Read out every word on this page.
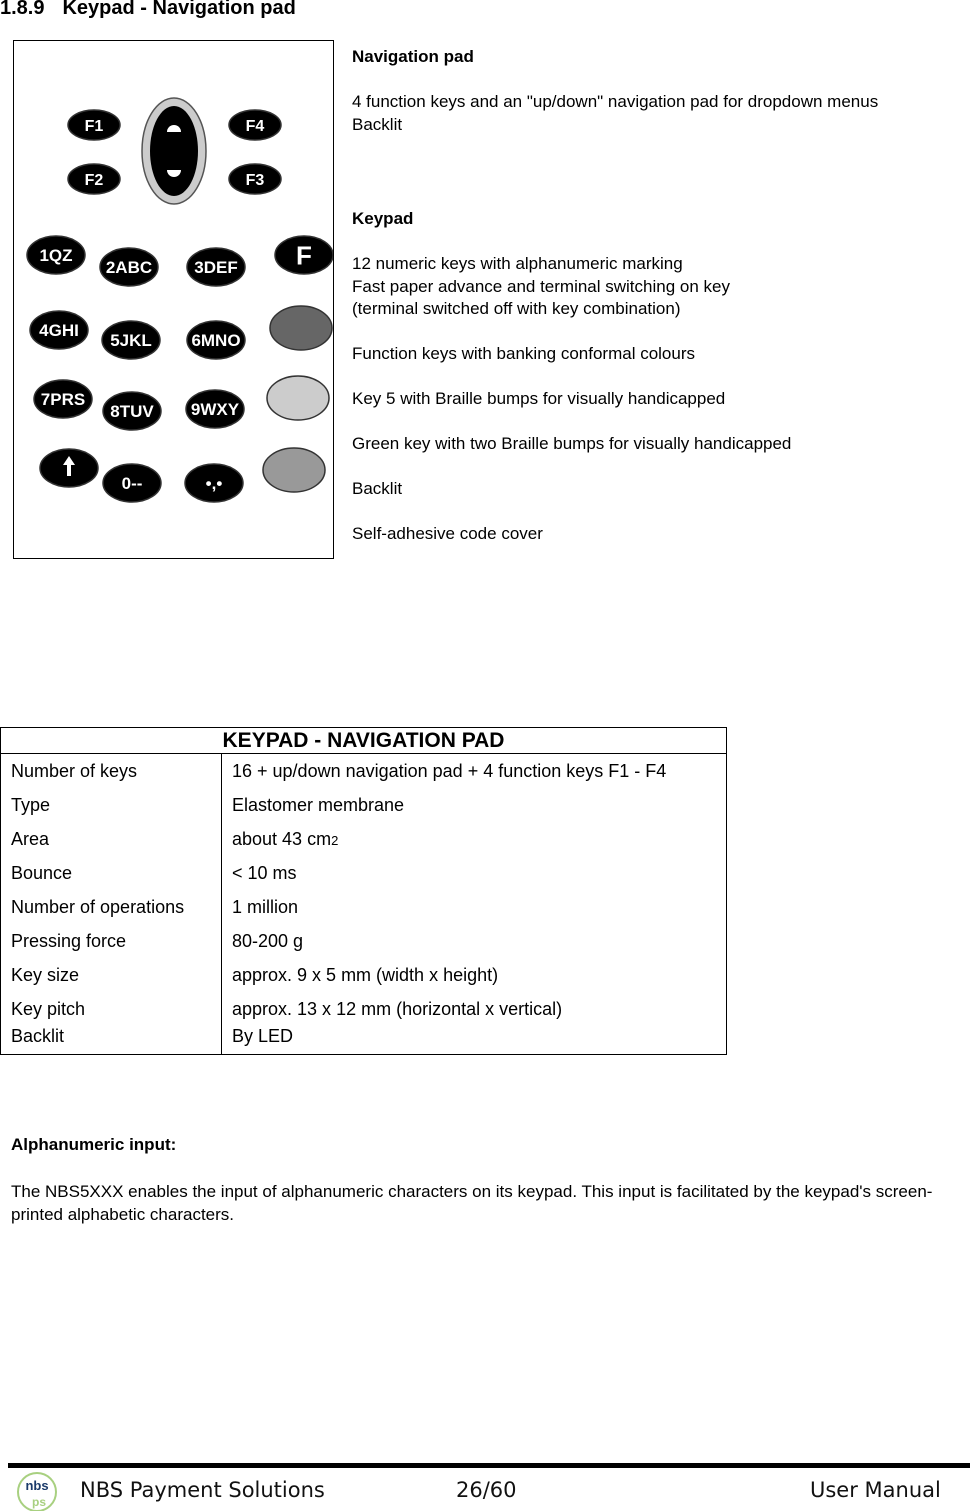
1.8.9 Keypad - Navigation pad
F1
F2	F3
F4
1QZ
2ABC 3DEF F
4GHI
5JKL 6MNO
7PRS
8TUV 9WXY
0--	•,•
Navigation pad

4 function keys and an "up/down" navigation pad for dropdown menus
Backlit
Keypad

12 numeric keys with alphanumeric marking
Fast paper advance and terminal switching on key
(terminal switched off with key combination)

Function keys with banking conformal colours

Key 5 with Braille bumps for visually handicapped

Green key with two Braille bumps for visually handicapped

Backlit

Self-adhesive code cover
KEYPAD - NAVIGATION PAD	
Number of keys	16 + up/down navigation pad + 4 function keys F1 - F4
Type	Elastomer membrane
Area	about 43 cm2
Bounce	< 10 ms
Number of operations	1 million
Pressing force	80-200 g
Key size	approx. 9 x 5 mm (width x height)
Key pitch	approx. 13 x 12 mm (horizontal x vertical)
Backlit	By LED
Alphanumeric input:
The NBS5XXX enables the input of alphanumeric characters on its keypad. This input is facilitated by the keypad's screen-printed alphabetic characters.
nbs
ps NBS Payment Solutions	26/60	User Manual
